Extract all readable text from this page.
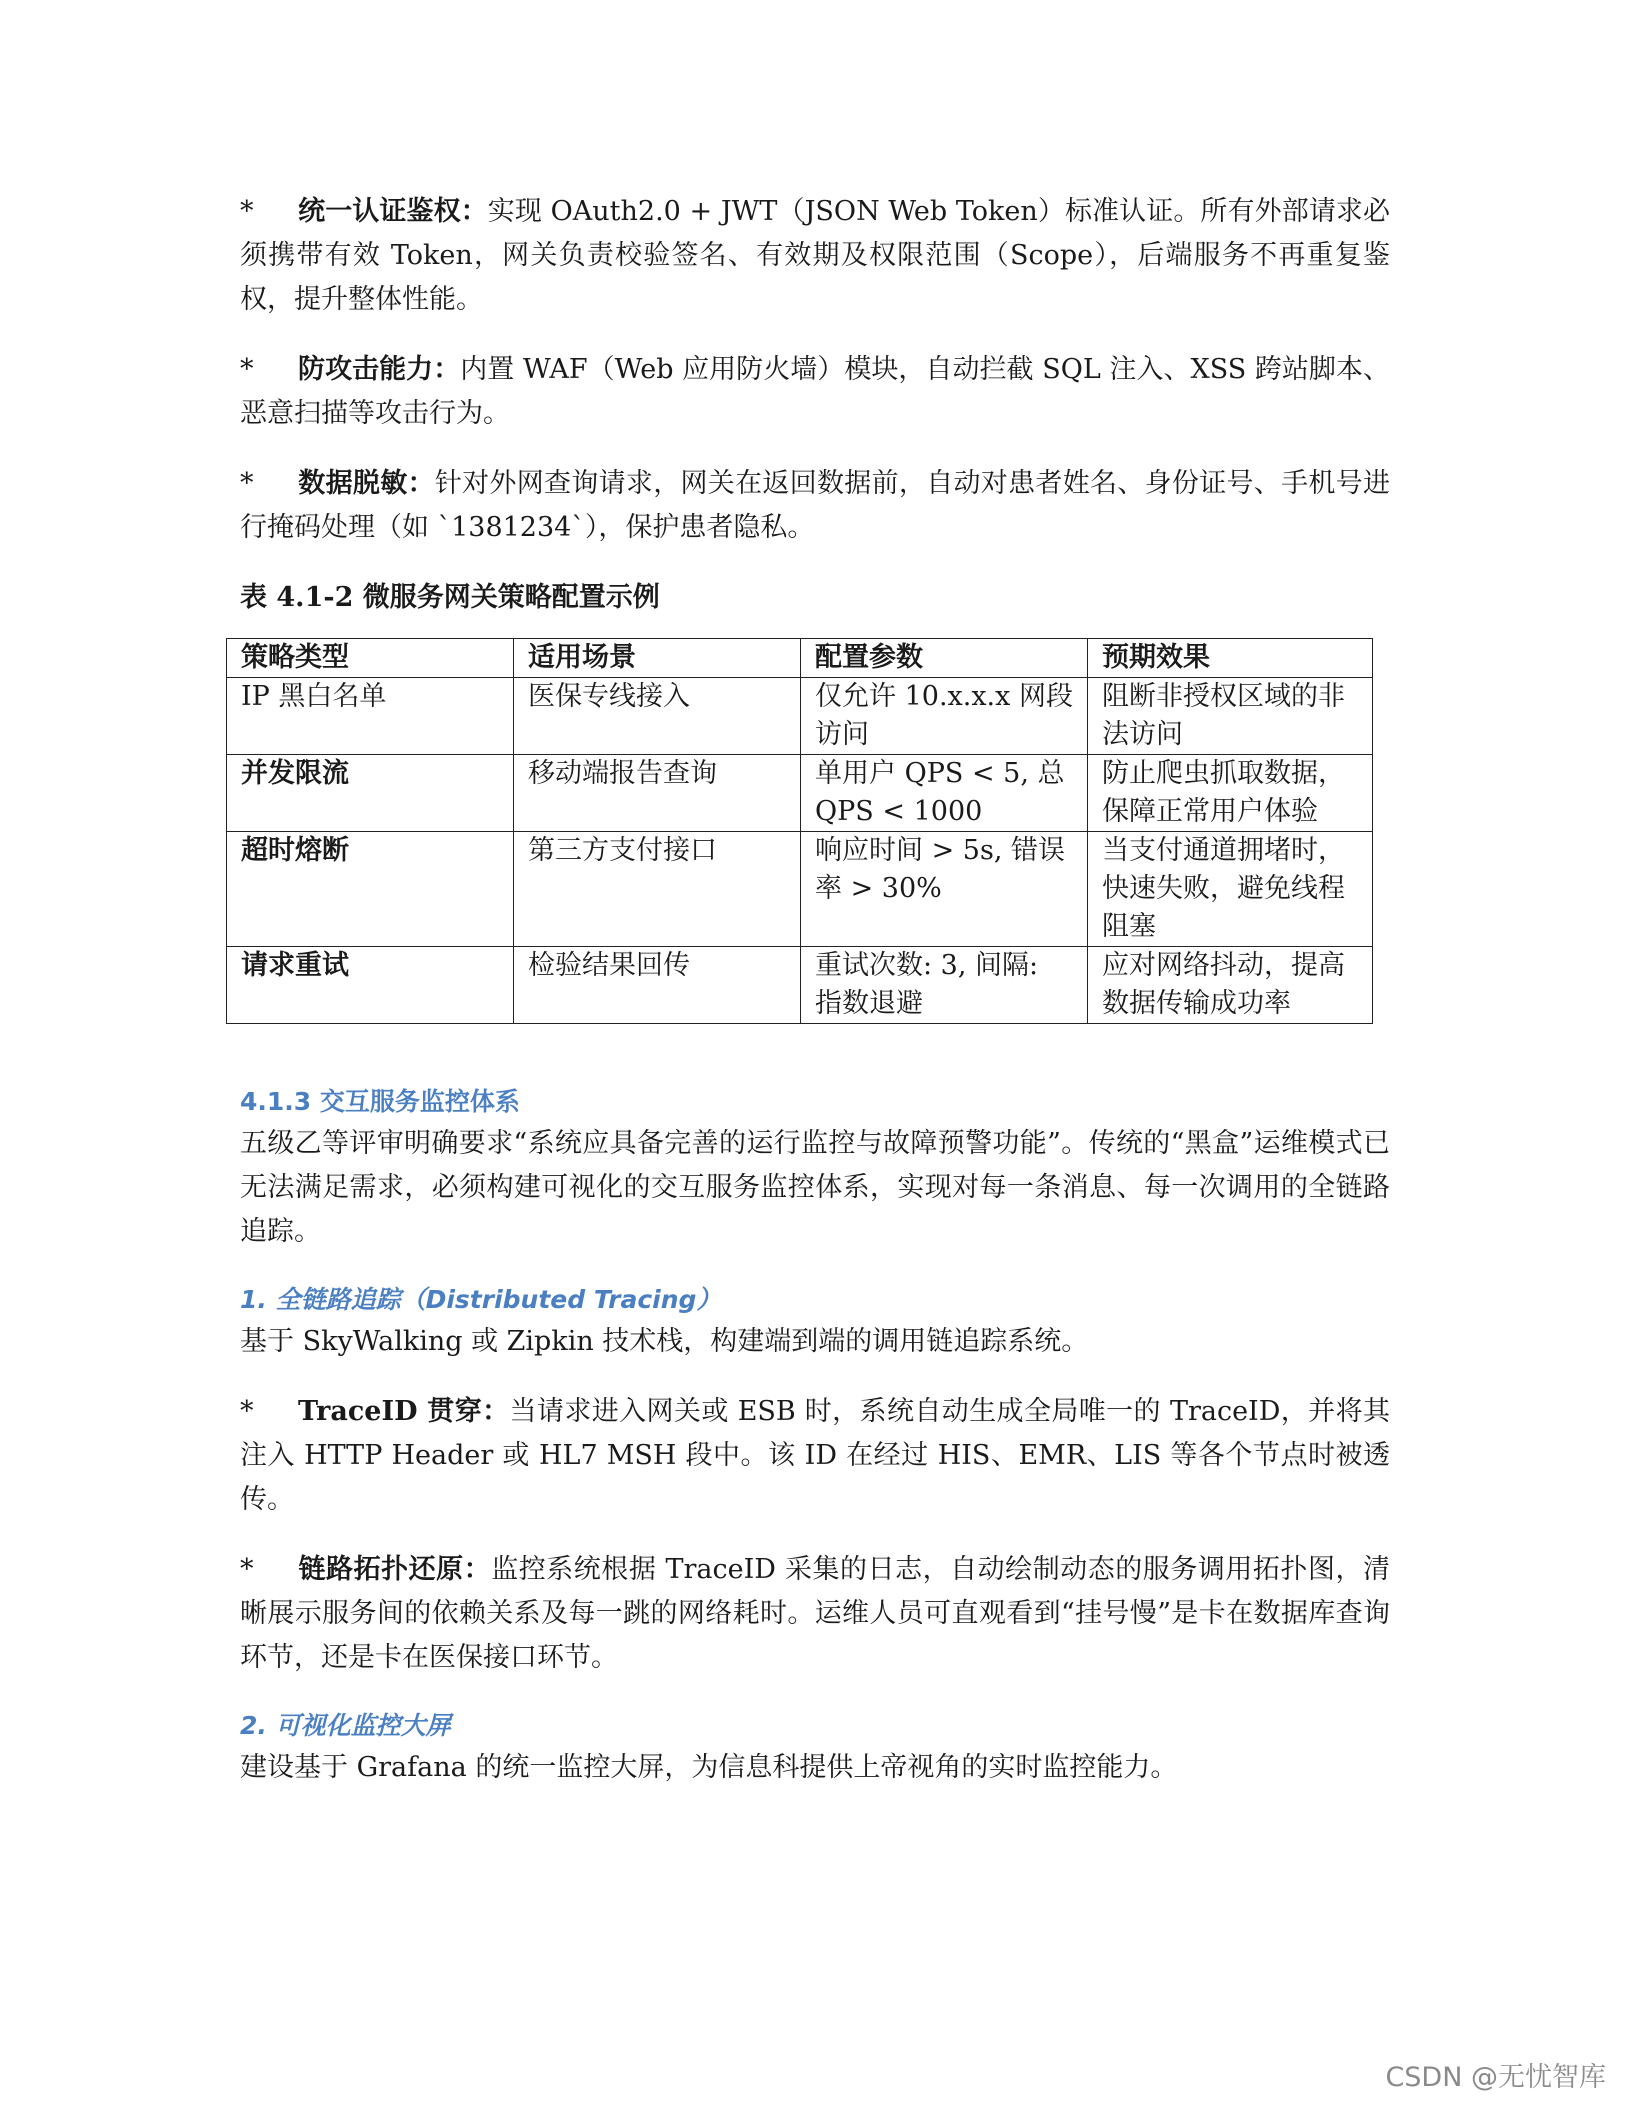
* 统一认证鉴权：实现 OAuth2.0 + JWT（JSON Web Token）标准认证。所有外部请求必须携带有效 Token，网关负责校验签名、有效期及权限范围（Scope），后端服务不再重复鉴权，提升整体性能。

* 防攻击能力：内置 WAF（Web 应用防火墙）模块，自动拦截 SQL 注入、XSS 跨站脚本、恶意扫描等攻击行为。

* 数据脱敏：针对外网查询请求，网关在返回数据前，自动对患者姓名、身份证号、手机号进行掩码处理（如 `1381234`），保护患者隐私。

表 4.1-2 微服务网关策略配置示例
策略类型	适用场景	配置参数	预期效果
IP 黑白名单	医保专线接入	仅允许 10.x.x.x 网段访问	阻断非授权区域的非法访问
并发限流	移动端报告查询	单用户 QPS < 5, 总 QPS < 1000	防止爬虫抓取数据，保障正常用户体验
超时熔断	第三方支付接口	响应时间 > 5s, 错误率 > 30%	当支付通道拥堵时，快速失败，避免线程阻塞
请求重试	检验结果回传	重试次数: 3, 间隔: 指数退避	应对网络抖动，提高数据传输成功率
4.1.3 交互服务监控体系

五级乙等评审明确要求“系统应具备完善的运行监控与故障预警功能”。传统的“黑盒”运维模式已无法满足需求，必须构建可视化的交互服务监控体系，实现对每一条消息、每一次调用的全链路追踪。

1. 全链路追踪（Distributed Tracing）

基于 SkyWalking 或 Zipkin 技术栈，构建端到端的调用链追踪系统。

* TraceID 贯穿：当请求进入网关或 ESB 时，系统自动生成全局唯一的 TraceID，并将其注入 HTTP Header 或 HL7 MSH 段中。该 ID 在经过 HIS、EMR、LIS 等各个节点时被透传。

* 链路拓扑还原：监控系统根据 TraceID 采集的日志，自动绘制动态的服务调用拓扑图，清晰展示服务间的依赖关系及每一跳的网络耗时。运维人员可直观看到“挂号慢”是卡在数据库查询环节，还是卡在医保接口环节。

2. 可视化监控大屏

建设基于 Grafana 的统一监控大屏，为信息科提供上帝视角的实时监控能力。

CSDN @无忧智库
